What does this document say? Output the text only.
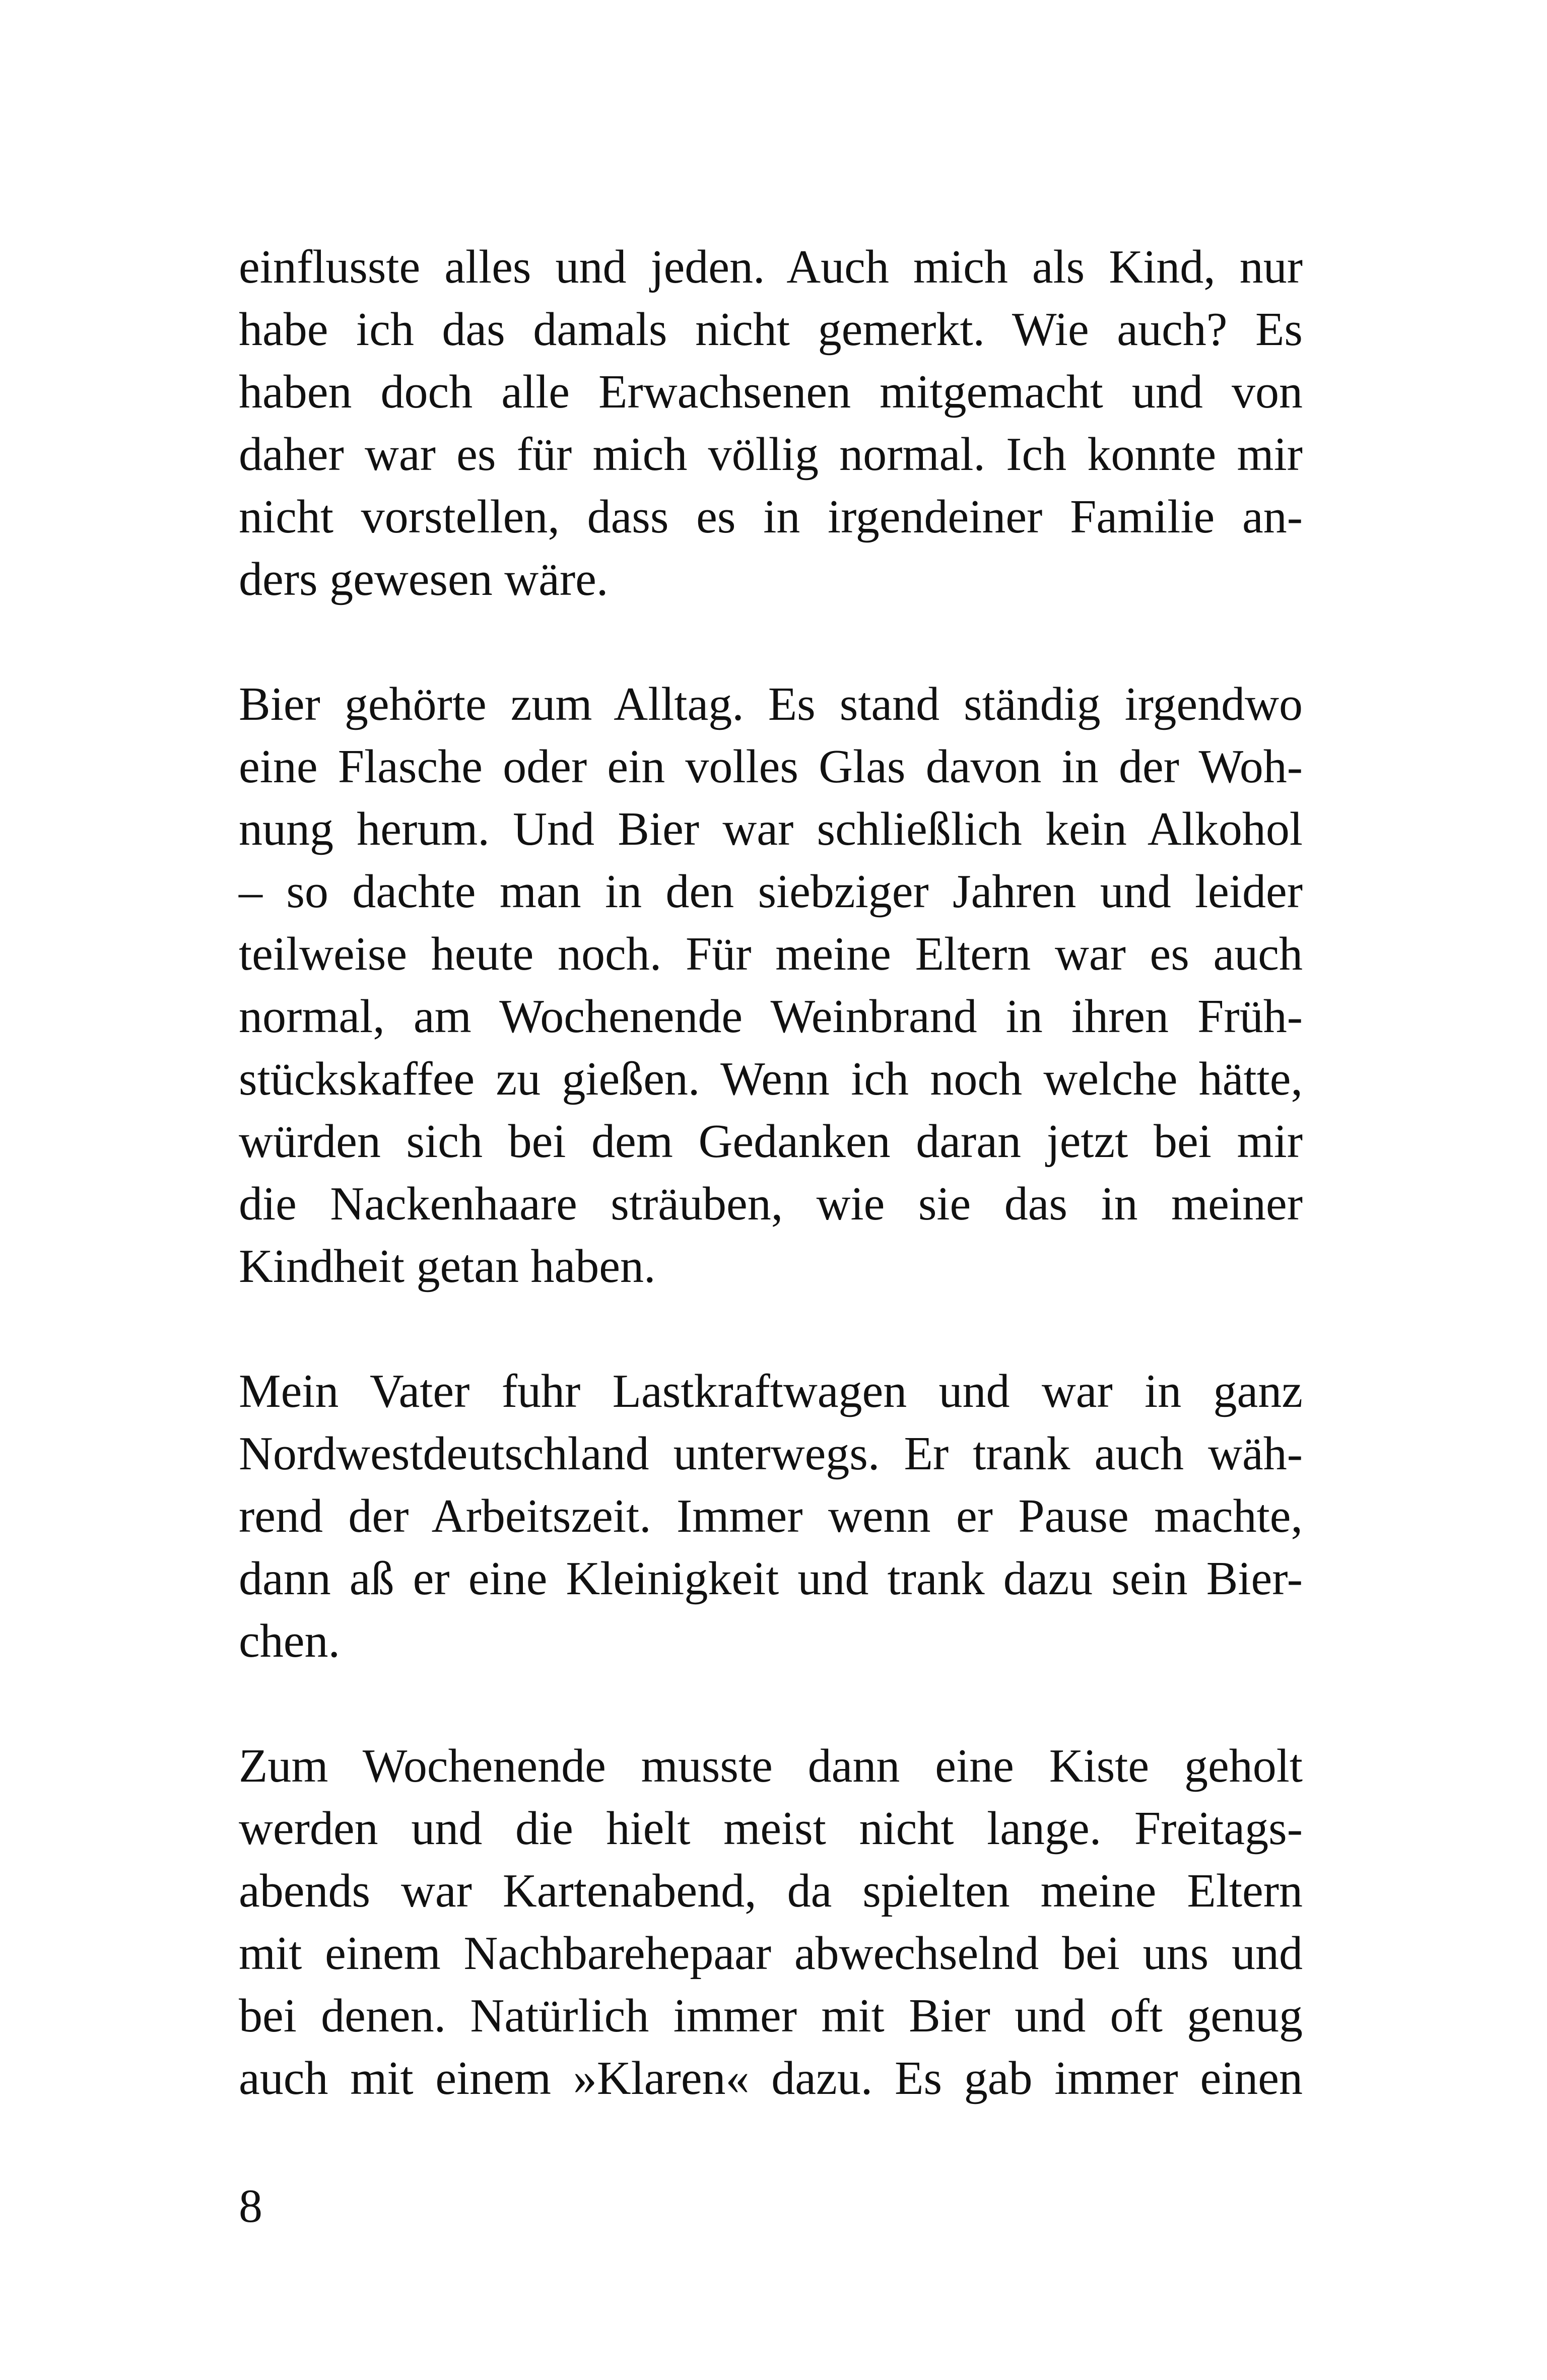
einflusste alles und jeden. Auch mich als Kind, nur
habe ich das damals nicht gemerkt. Wie auch? Es
haben doch alle Erwachsenen mitgemacht und von
daher war es für mich völlig normal. Ich konnte mir
nicht vorstellen, dass es in irgendeiner Familie an-
ders gewesen wäre.

Bier gehörte zum Alltag. Es stand ständig irgendwo
eine Flasche oder ein volles Glas davon in der Woh-
nung herum. Und Bier war schließlich kein Alkohol
– so dachte man in den siebziger Jahren und leider
teilweise heute noch. Für meine Eltern war es auch
normal, am Wochenende Weinbrand in ihren Früh-
stückskaffee zu gießen. Wenn ich noch welche hätte,
würden sich bei dem Gedanken daran jetzt bei mir
die Nackenhaare sträuben, wie sie das in meiner
Kindheit getan haben.

Mein Vater fuhr Lastkraftwagen und war in ganz
Nordwestdeutschland unterwegs. Er trank auch wäh-
rend der Arbeitszeit. Immer wenn er Pause machte,
dann aß er eine Kleinigkeit und trank dazu sein Bier-
chen.

Zum Wochenende musste dann eine Kiste geholt
werden und die hielt meist nicht lange. Freitags-
abends war Kartenabend, da spielten meine Eltern
mit einem Nachbarehepaar abwechselnd bei uns und
bei denen. Natürlich immer mit Bier und oft genug
auch mit einem »Klaren« dazu. Es gab immer einen

8
